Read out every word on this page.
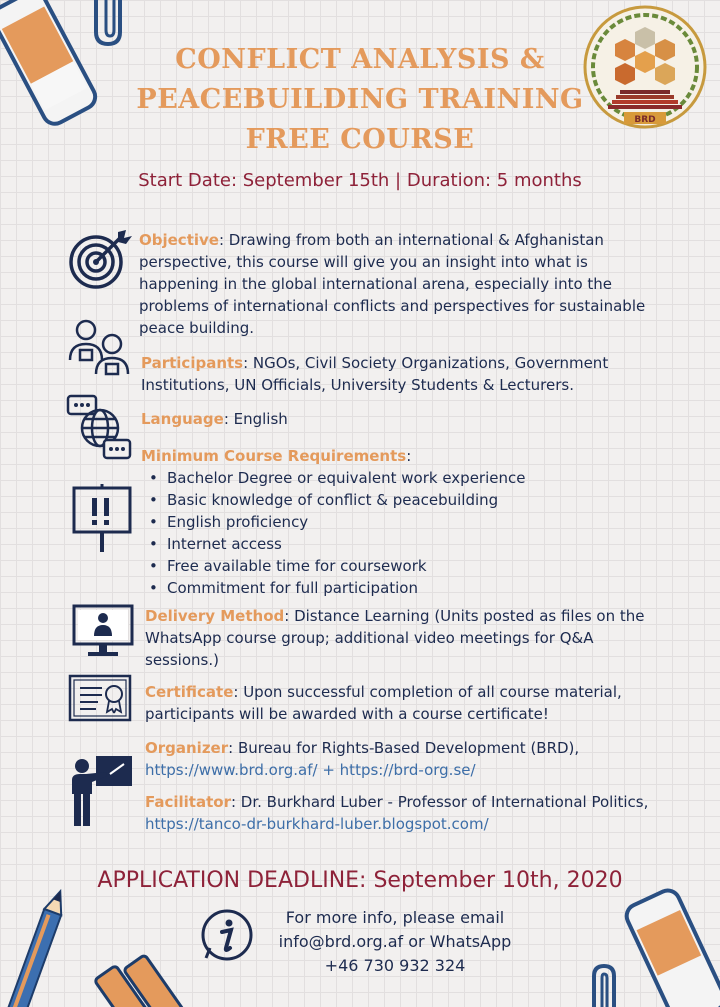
CONFLICT ANALYSIS &
PEACEBUILDING TRAINING
FREE COURSE
BRD
Start Date: September 15th | Duration: 5 months
Objective: Drawing from both an international & Afghanistan perspective, this course will give you an insight into what is happening in the global international arena, especially into the problems of international conflicts and perspectives for sustainable peace building.
Participants: NGOs, Civil Society Organizations, Government Institutions, UN Officials, University Students & Lecturers.
Language: English
Minimum Course Requirements:
• Bachelor Degree or equivalent work experience
• Basic knowledge of conflict & peacebuilding
• English proficiency
• Internet access
• Free available time for coursework
• Commitment for full participation
Delivery Method: Distance Learning (Units posted as files on the WhatsApp course group; additional video meetings for Q&A sessions.)
Certificate: Upon successful completion of all course material, participants will be awarded with a course certificate!
Organizer: Bureau for Rights-Based Development (BRD),
https://www.brd.org.af/ + https://brd-org.se/
Facilitator: Dr. Burkhard Luber - Professor of International Politics, https://tanco-dr-burkhard-luber.blogspot.com/
APPLICATION DEADLINE: September 10th, 2020
For more info, please email
info@brd.org.af or WhatsApp
+46 730 932 324
